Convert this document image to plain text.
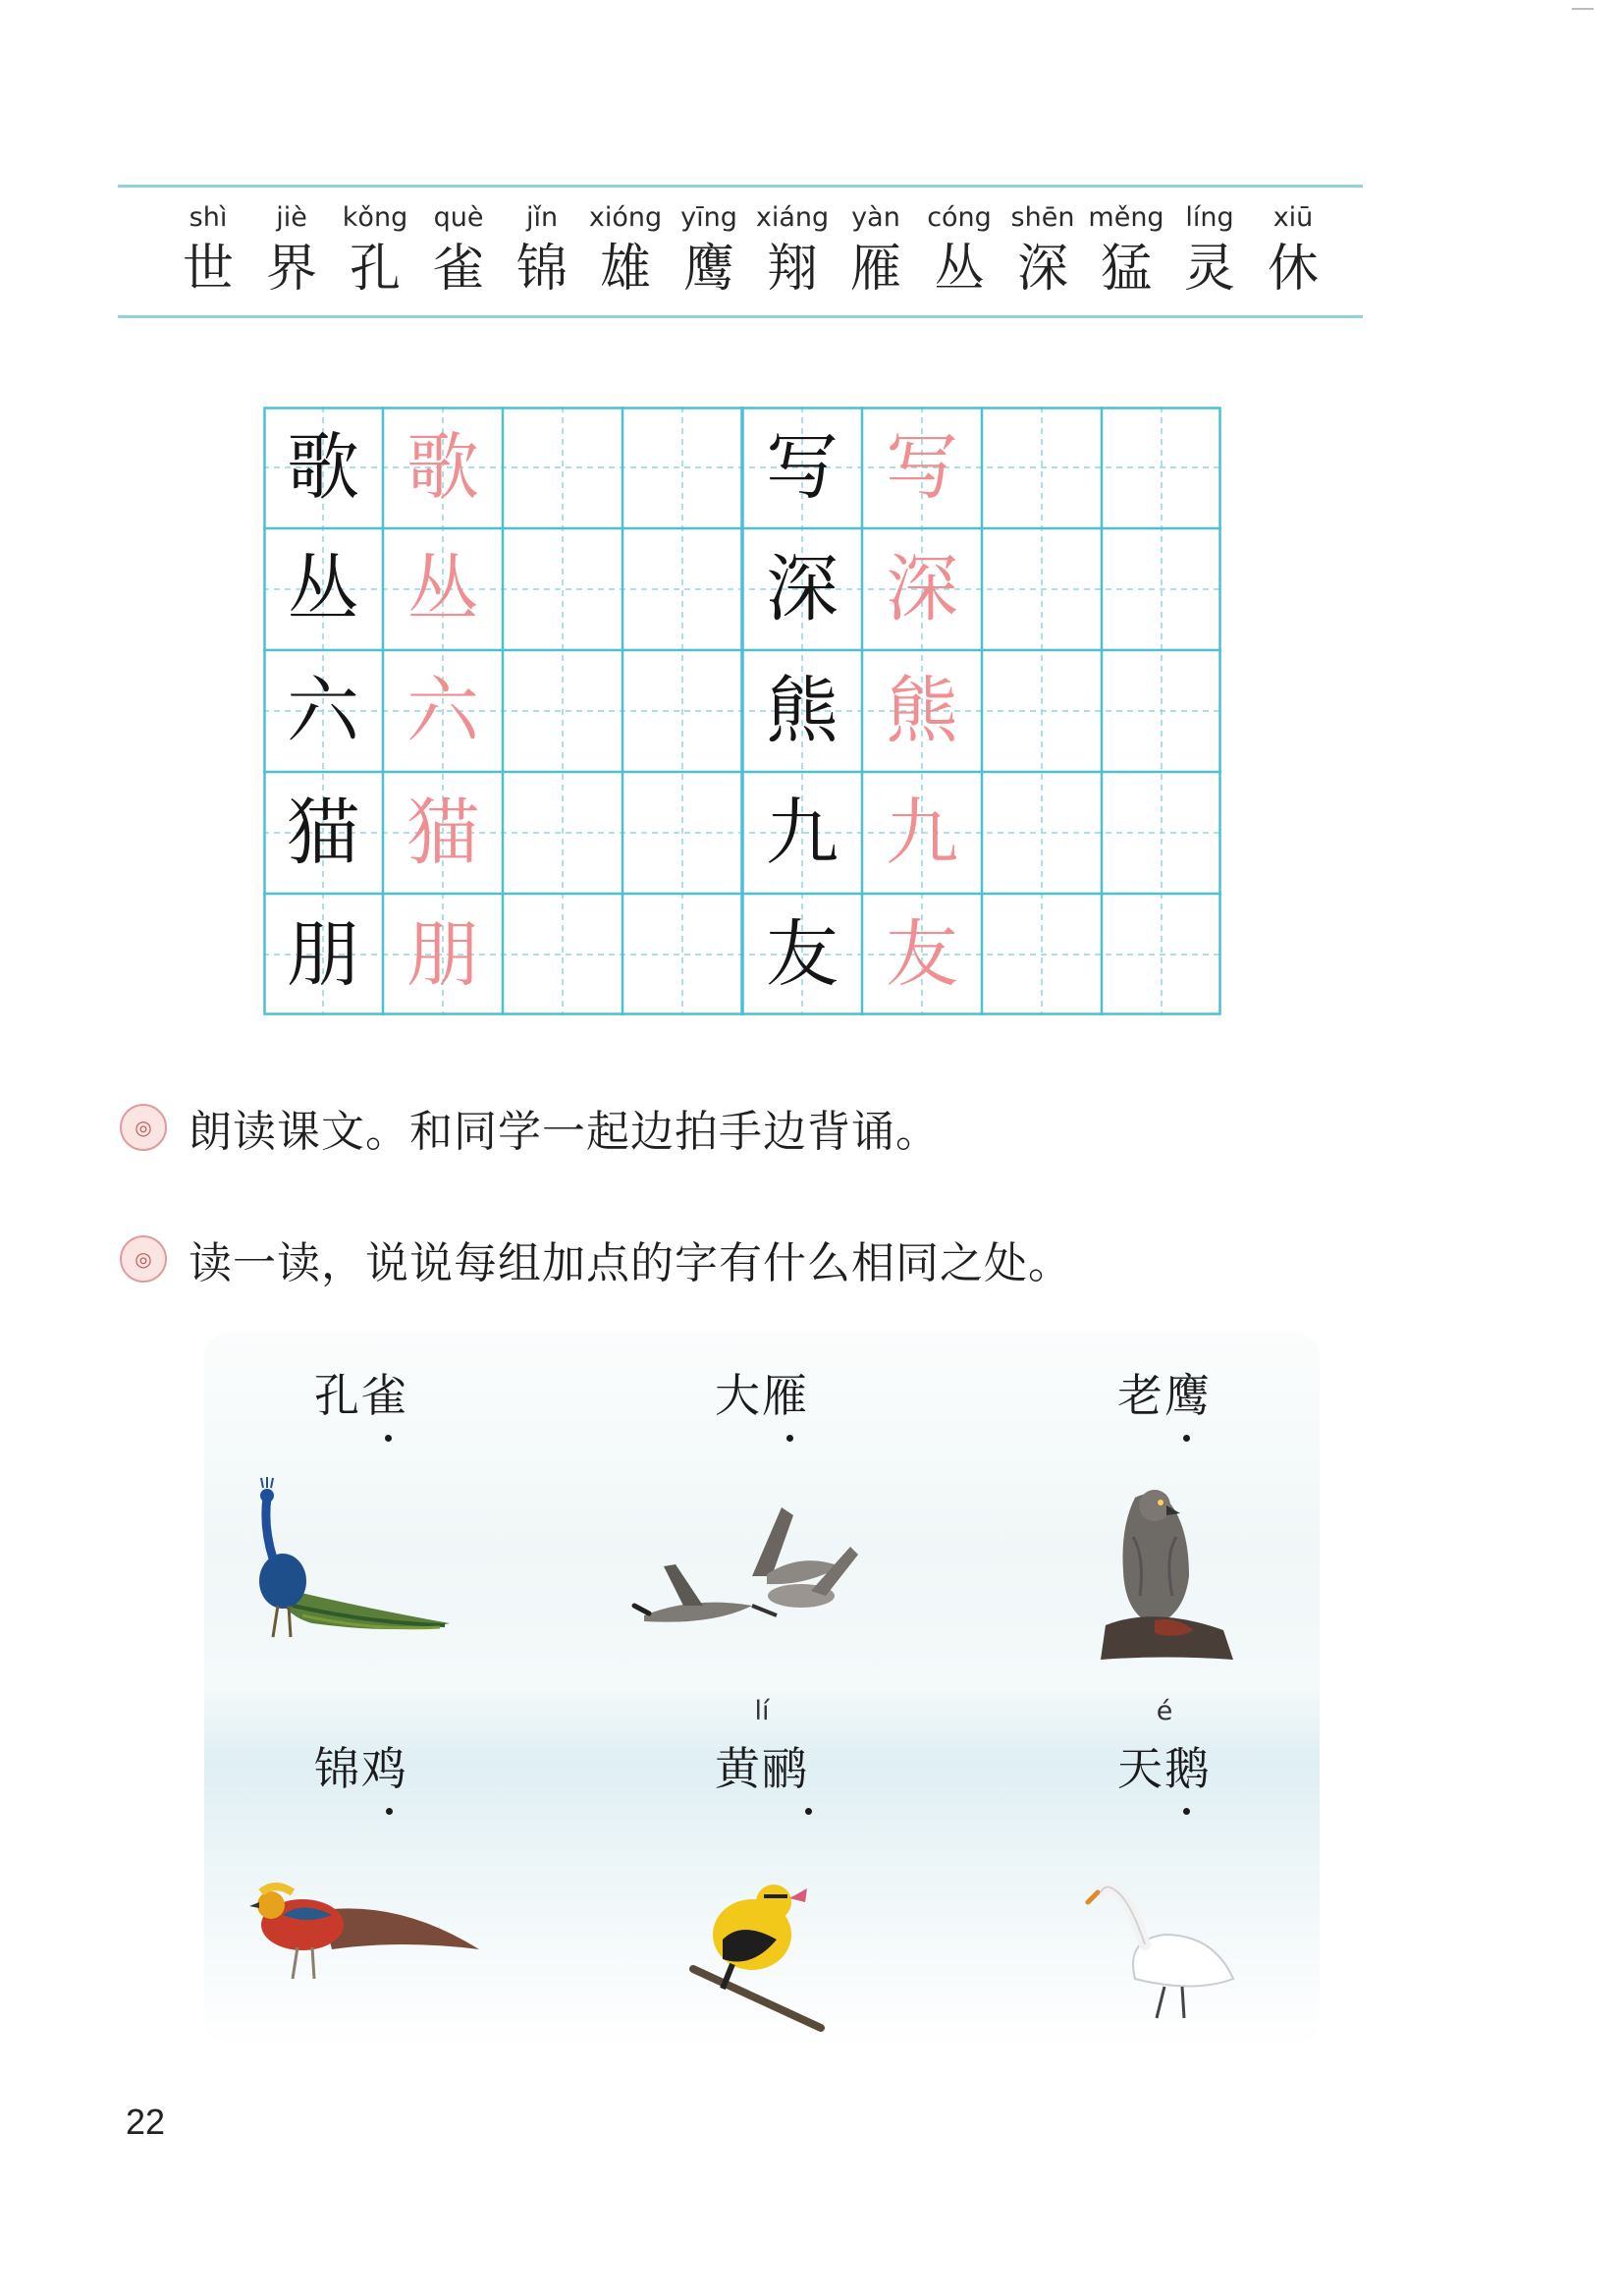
shì
世
jiè
界
kǒng
孔
què
雀
jǐn
锦
xióng
雄
yīng
鹰
xiáng
翔
yàn
雁
cóng
丛
shēn
深
měng
猛
líng
灵
xiū
休
歌 歌
丛 丛
六 六
猫 猫
朋 朋
写 写
深 深
熊 熊
九 九
友 友
◎ 朗读课文。和同学一起边拍手边背诵。
◎ 读一读，说说每组加点的字有什么相同之处。
孔雀	大雁	老鹰
锦鸡
lí
黄鹂
é
天鹅
22
